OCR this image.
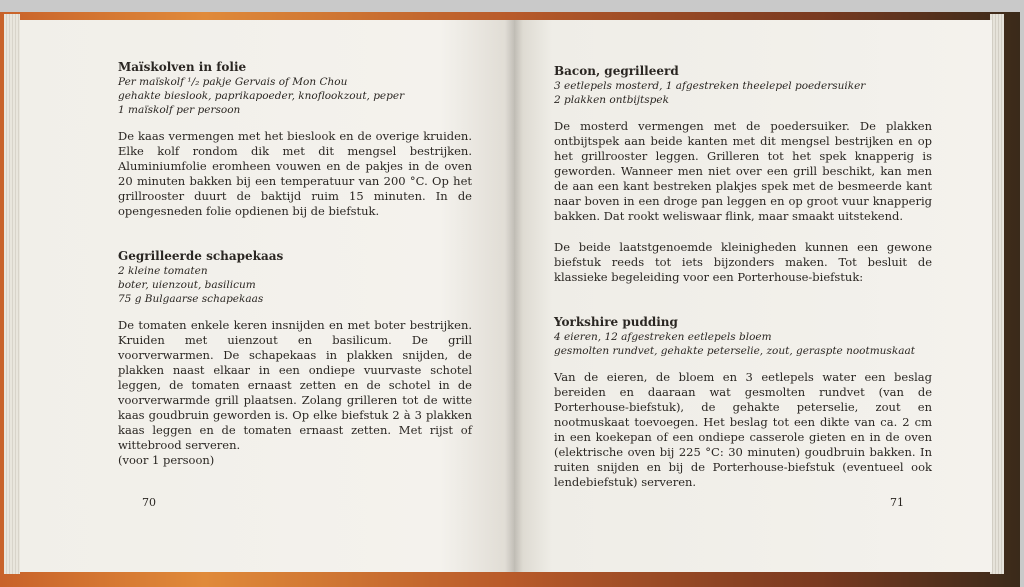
Maïskolven in folie
Per maïskolf ¹/₂ pakje Gervais of Mon Chou
gehakte bieslook, paprikapoeder, knoflookzout, peper
1 maïskolf per persoon

De kaas vermengen met het bieslook en de overige kruiden. Elke kolf rondom dik met dit mengsel bestrijken. Aluminiumfolie eromheen vouwen en de pakjes in de oven 20 minuten bakken bij een temperatuur van 200 °C. Op het grillrooster duurt de baktijd ruim 15 minuten. In de opengesneden folie opdienen bij de biefstuk.

Gegrilleerde schapekaas
2 kleine tomaten
boter, uienzout, basilicum
75 g Bulgaarse schapekaas

De tomaten enkele keren insnijden en met boter bestrijken. Kruiden met uienzout en basilicum. De grill voorverwarmen. De schapekaas in plakken snijden, de plakken naast elkaar in een ondiepe vuurvaste schotel leggen, de tomaten ernaast zetten en de schotel in de voorverwarmde grill plaatsen. Zolang grilleren tot de witte kaas goudbruin geworden is. Op elke biefstuk 2 à 3 plakken kaas leggen en de tomaten ernaast zetten. Met rijst of wittebrood serveren.

(voor 1 persoon)
70
Bacon, gegrilleerd
3 eetlepels mosterd, 1 afgestreken theelepel poedersuiker
2 plakken ontbijtspek

De mosterd vermengen met de poedersuiker. De plakken ontbijtspek aan beide kanten met dit mengsel bestrijken en op het grillrooster leggen. Grilleren tot het spek knapperig is geworden. Wanneer men niet over een grill beschikt, kan men de aan een kant bestreken plakjes spek met de besmeerde kant naar boven in een droge pan leggen en op groot vuur knapperig bakken. Dat rookt weliswaar flink, maar smaakt uitstekend.

De beide laatstgenoemde kleinigheden kunnen een gewone biefstuk reeds tot iets bijzonders maken. Tot besluit de klassieke begeleiding voor een Porterhouse-biefstuk:

Yorkshire pudding
4 eieren, 12 afgestreken eetlepels bloem
gesmolten rundvet, gehakte peterselie, zout, geraspte nootmuskaat

Van de eieren, de bloem en 3 eetlepels water een beslag bereiden en daaraan wat gesmolten rundvet (van de Porterhouse-biefstuk), de gehakte peterselie, zout en nootmuskaat toevoegen. Het beslag tot een dikte van ca. 2 cm in een koekepan of een ondiepe casserole gieten en in de oven (elektrische oven bij 225 °C: 30 minuten) goudbruin bakken. In ruiten snijden en bij de Porterhouse-biefstuk (eventueel ook lendebiefstuk) serveren.

71
